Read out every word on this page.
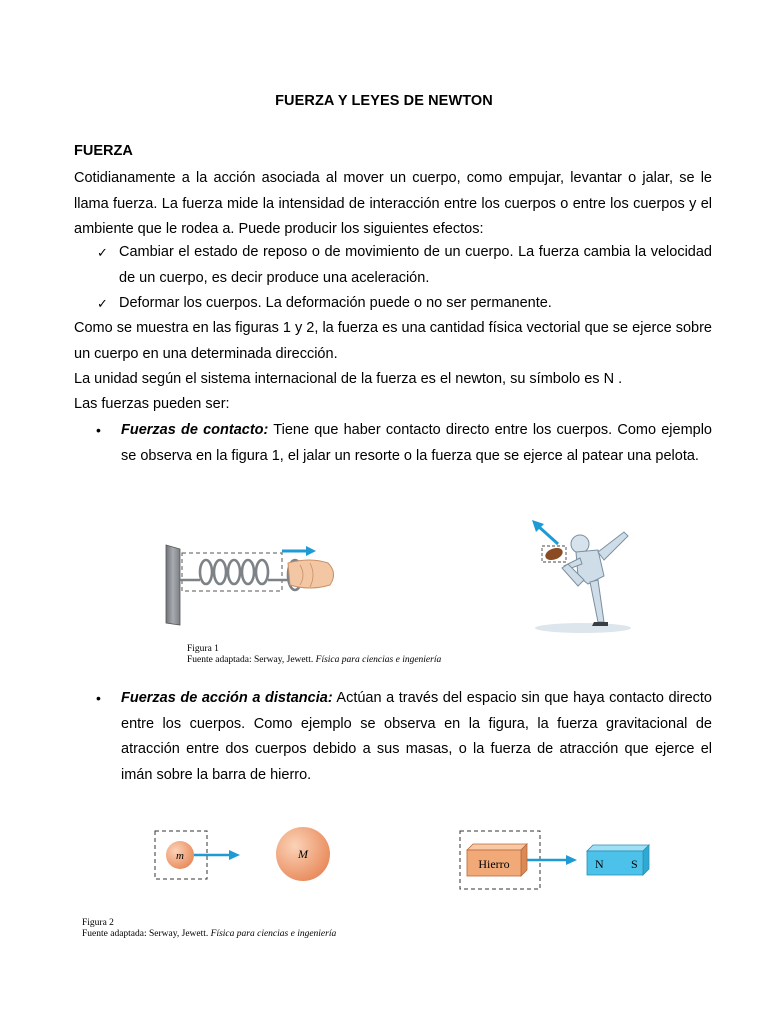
FUERZA Y LEYES DE NEWTON
FUERZA

Cotidianamente a la acción asociada al mover un cuerpo, como empujar, levantar o jalar, se le llama fuerza. La fuerza mide la intensidad de interacción entre los cuerpos o entre los cuerpos y el ambiente que le rodea a. Puede producir los siguientes efectos:

✓ Cambiar el estado de reposo o de movimiento de un cuerpo. La fuerza cambia la velocidad de un cuerpo, es decir produce una aceleración.
✓ Deformar los cuerpos. La deformación puede o no ser permanente.

Como se muestra en las figuras 1 y 2, la fuerza es una cantidad física vectorial que se ejerce sobre un cuerpo en una determinada dirección.

La unidad según el sistema internacional de la fuerza es el newton, su símbolo es N .
Las fuerzas pueden ser:
• Fuerzas de contacto: Tiene que haber contacto directo entre los cuerpos. Como ejemplo se observa en la figura 1, el jalar un resorte o la fuerza que se ejerce al patear una pelota.
Figura 1
Fuente adaptada: Serway, Jewett. Física para ciencias e ingeniería
• Fuerzas de acción a distancia: Actúan a través del espacio sin que haya contacto directo entre los cuerpos. Como ejemplo se observa en la figura, la fuerza gravitacional de atracción entre dos cuerpos debido a sus masas, o la fuerza de atracción que ejerce el imán sobre la barra de hierro.
m	M
Hierro	N S
Figura 2
Fuente adaptada: Serway, Jewett. Física para ciencias e ingeniería
